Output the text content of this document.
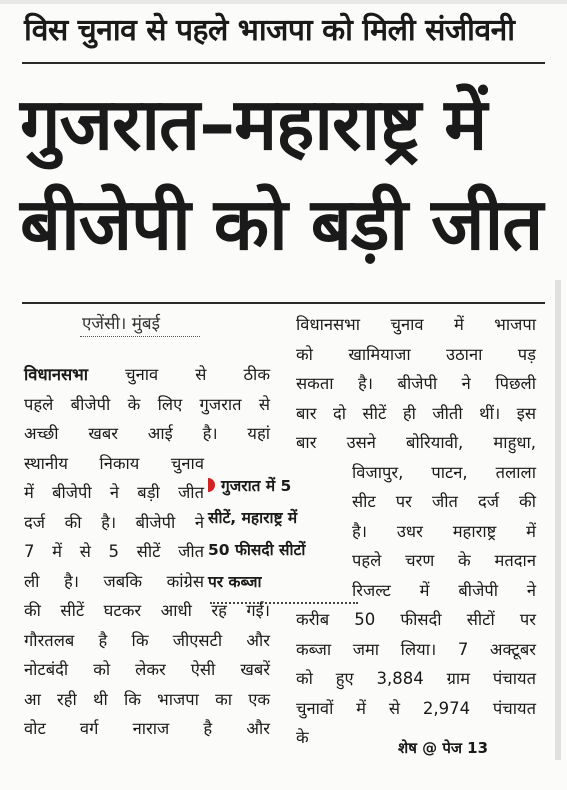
विस चुनाव से पहले भाजपा को मिली संजीवनी
गुजरात–महाराष्ट्र में
बीजेपी को बड़ी जीत
एजेंसी। मुंबई
विधानसभा चुनाव से ठीक
पहले बीजेपी के लिए गुजरात से
अच्छी खबर आई है। यहां
स्थानीय निकाय चुनाव
में बीजेपी ने बड़ी जीत
दर्ज की है। बीजेपी ने
7 में से 5 सीटें जीत
ली है। जबकि कांग्रेस
की सीटें घटकर आधी रह गईं।
गौरतलब है कि जीएसटी और
नोटबंदी को लेकर ऐसी खबरें
आ रही थी कि भाजपा का एक
वोट वर्ग नाराज है और
गुजरात में 5
सीटें, महाराष्ट्र में
50 फीसदी सीटों
पर कब्जा
विधानसभा चुनाव में भाजपा
को खामियाजा उठाना पड़
सकता है। बीजेपी ने पिछली
बार दो सीटें ही जीती थीं। इस
बार उसने बोरियावी, माहुधा,
विजापुर, पाटन, तलाला
सीट पर जीत दर्ज की
है। उधर महाराष्ट्र में
पहले चरण के मतदान
रिजल्ट में बीजेपी ने
करीब 50 फीसदी सीटों पर
कब्जा जमा लिया। 7 अक्टूबर
को हुए 3,884 ग्राम पंचायत
चुनावों में से 2,974 पंचायत
के
शेष @ पेज 13
